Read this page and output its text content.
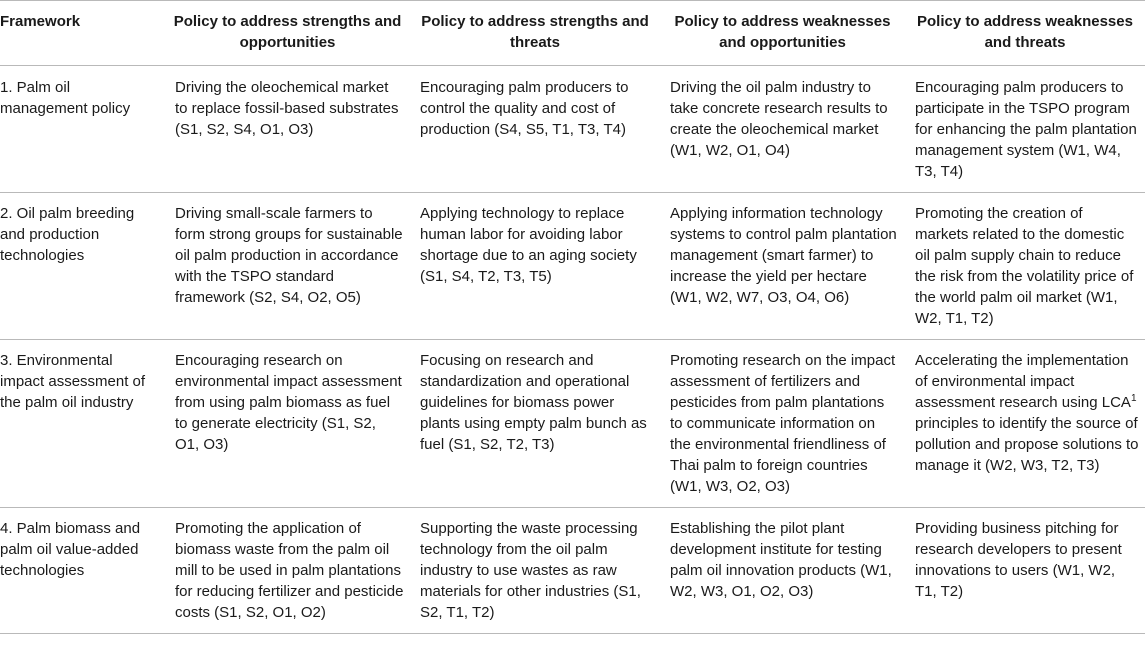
Framework	Policy to address strengths and opportunities	Policy to address strengths and threats	Policy to address weaknesses and opportunities	Policy to address weaknesses and threats
1. Palm oil management policy	Driving the oleochemical market to replace fossil-based substrates (S1, S2, S4, O1, O3)	Encouraging palm producers to control the quality and cost of production (S4, S5, T1, T3, T4)	Driving the oil palm industry to take concrete research results to create the oleochemical market (W1, W2, O1, O4)	Encouraging palm producers to participate in the TSPO program for enhancing the palm plantation management system (W1, W4, T3, T4)
2. Oil palm breeding and production technologies	Driving small-scale farmers to form strong groups for sustainable oil palm production in accordance with the TSPO standard framework (S2, S4, O2, O5)	Applying technology to replace human labor for avoiding labor shortage due to an aging society (S1, S4, T2, T3, T5)	Applying information technology systems to control palm plantation management (smart farmer) to increase the yield per hectare (W1, W2, W7, O3, O4, O6)	Promoting the creation of markets related to the domestic oil palm supply chain to reduce the risk from the volatility price of the world palm oil market (W1, W2, T1, T2)
3. Environmental impact assessment of the palm oil industry	Encouraging research on environmental impact assessment from using palm biomass as fuel to generate electricity (S1, S2, O1, O3)	Focusing on research and standardization and operational guidelines for biomass power plants using empty palm bunch as fuel (S1, S2, T2, T3)	Promoting research on the impact assessment of fertilizers and pesticides from palm plantations to communicate information on the environmental friendliness of Thai palm to foreign countries (W1, W3, O2, O3)	Accelerating the implementation of environmental impact assessment research using LCA$^1$ principles to identify the source of pollution and propose solutions to manage it (W2, W3, T2, T3)
4. Palm biomass and palm oil value-added technologies	Promoting the application of biomass waste from the palm oil mill to be used in palm plantations for reducing fertilizer and pesticide costs (S1, S2, O1, O2)	Supporting the waste processing technology from the oil palm industry to use wastes as raw materials for other industries (S1, S2, T1, T2)	Establishing the pilot plant development institute for testing palm oil innovation products (W1, W2, W3, O1, O2, O3)	Providing business pitching for research developers to present innovations to users (W1, W2, T1, T2)
